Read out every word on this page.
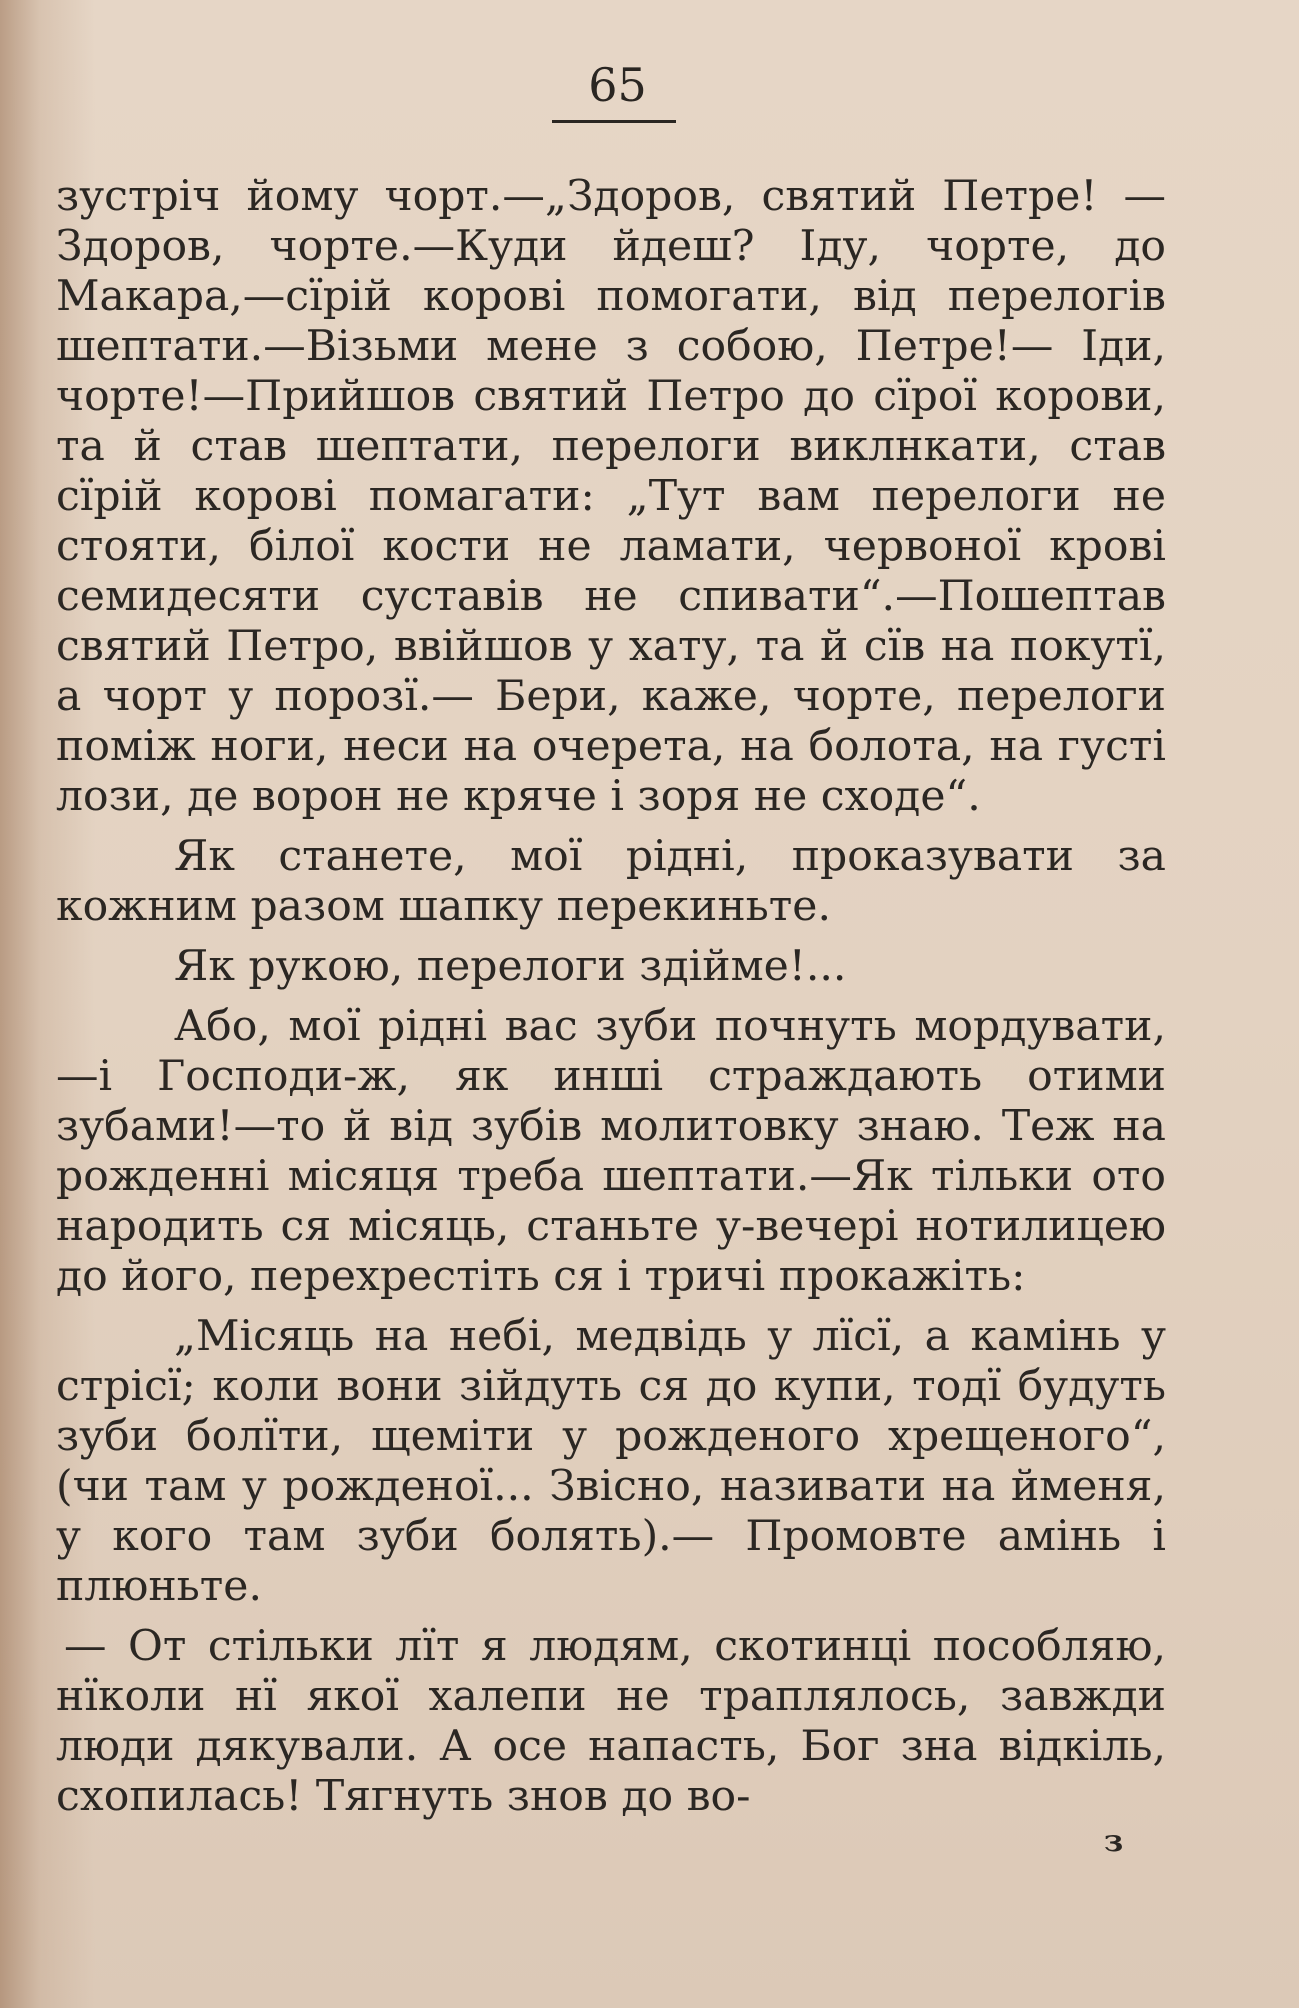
65

зустріч йому чорт.—„Здоров, святий Петре! —Здоров, чорте.—Куди йдеш? Іду, чорте, до Макара,—сїрій корові помогати, від перелогів шептати.—Візьми мене з собою, Петре!— Іди, чорте!—Прийшов святий Петро до сїрої корови, та й став шептати, перелоги виклнкати, став сїрій корові помагати: „Тут вам перелоги не стояти, білої кости не ламати, червоної крові семидесяти суставів не спивати“.—Пошептав святий Петро, ввійшов у хату, та й сїв на покутї, а чорт у порозї.— Бери, каже, чорте, перелоги поміж ноги, неси на очерета, на болота, на густі лози, де ворон не кряче і зоря не сходе“.

Як станете, мої рідні, проказувати за кожним разом шапку перекиньте.

Як рукою, перелоги здійме!...

Або, мої рідні вас зуби почнуть мордувати,—і Господи-ж, як инші страждають отими зубами!—то й від зубів молитовку знаю. Теж на рожденні місяця треба шептати.—Як тільки ото народить ся місяць, станьте у-вечері нотилицею до його, перехрестіть ся і тричі прокажіть:

„Місяць на небі, медвідь у лїсї, а камінь у стрісї; коли вони зійдуть ся до купи, тодї будуть зуби болїти, щеміти у рожденого хрещеного“, (чи там у рожденої... Звісно, називати на йменя, у кого там зуби болять).— Промовте амінь і плюньте.

— От стільки лїт я людям, скотинці пособляю, нїколи нї якої халепи не траплялось, завжди люди дякували. А осе напасть, Бог зна відкіль, схопилась! Тягнуть знов до во-

з
